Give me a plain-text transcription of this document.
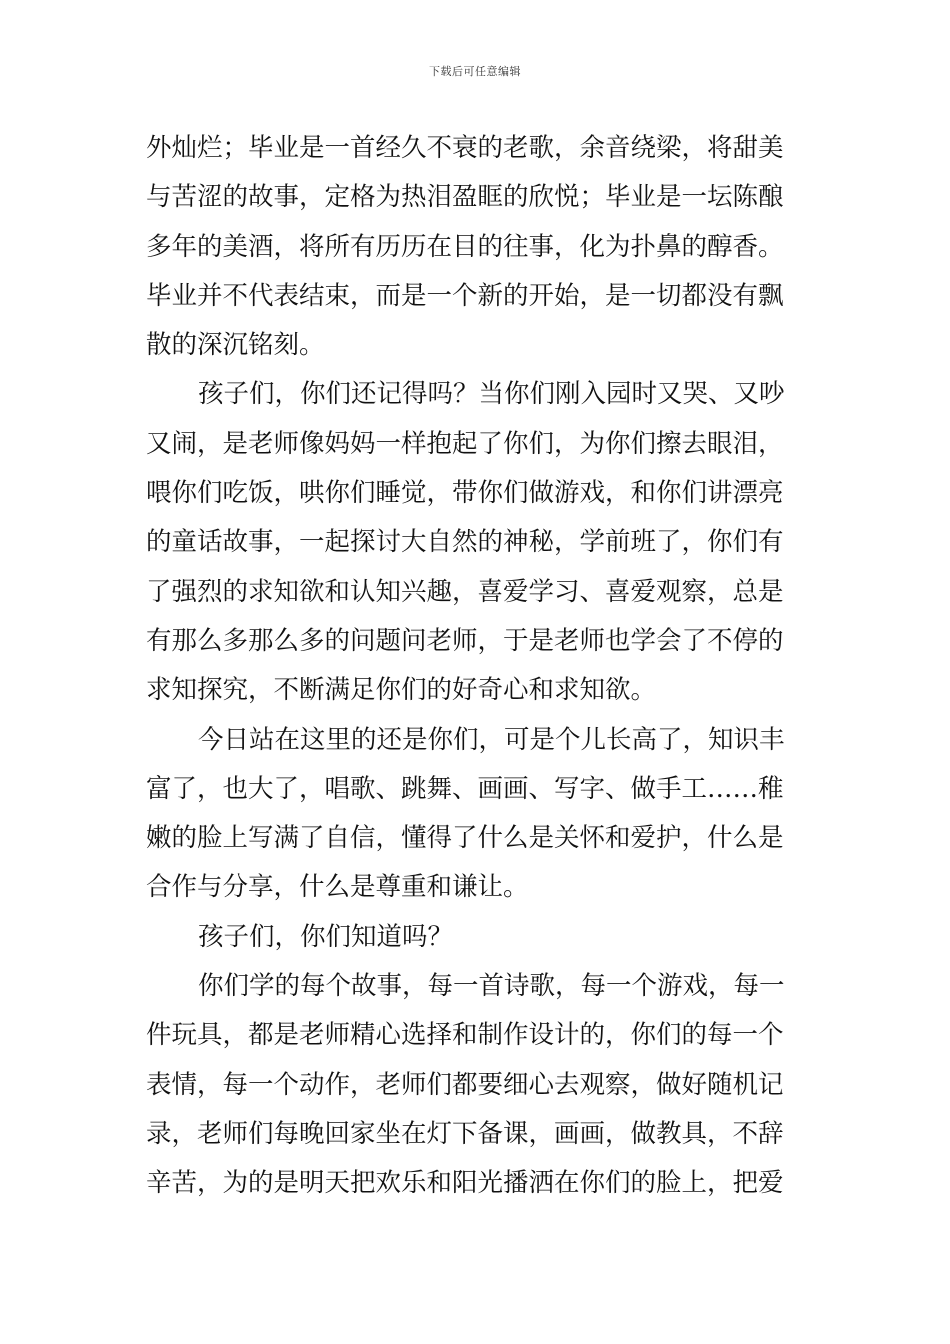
下载后可任意编辑
外灿烂；毕业是一首经久不衰的老歌，余音绕梁，将甜美
与苦涩的故事，定格为热泪盈眶的欣悦；毕业是一坛陈酿
多年的美酒，将所有历历在目的往事，化为扑鼻的醇香。
毕业并不代表结束，而是一个新的开始，是一切都没有飘
散的深沉铭刻。
孩子们，你们还记得吗？当你们刚入园时又哭、又吵
又闹，是老师像妈妈一样抱起了你们，为你们擦去眼泪，
喂你们吃饭，哄你们睡觉，带你们做游戏，和你们讲漂亮
的童话故事，一起探讨大自然的神秘，学前班了，你们有
了强烈的求知欲和认知兴趣，喜爱学习、喜爱观察，总是
有那么多那么多的问题问老师，于是老师也学会了不停的
求知探究，不断满足你们的好奇心和求知欲。
今日站在这里的还是你们，可是个儿长高了，知识丰
富了，也大了，唱歌、跳舞、画画、写字、做手工……稚
嫩的脸上写满了自信，懂得了什么是关怀和爱护，什么是
合作与分享，什么是尊重和谦让。
孩子们，你们知道吗？
你们学的每个故事，每一首诗歌，每一个游戏，每一
件玩具，都是老师精心选择和制作设计的，你们的每一个
表情，每一个动作，老师们都要细心去观察，做好随机记
录，老师们每晚回家坐在灯下备课，画画，做教具，不辞
辛苦，为的是明天把欢乐和阳光播洒在你们的脸上，把爱
